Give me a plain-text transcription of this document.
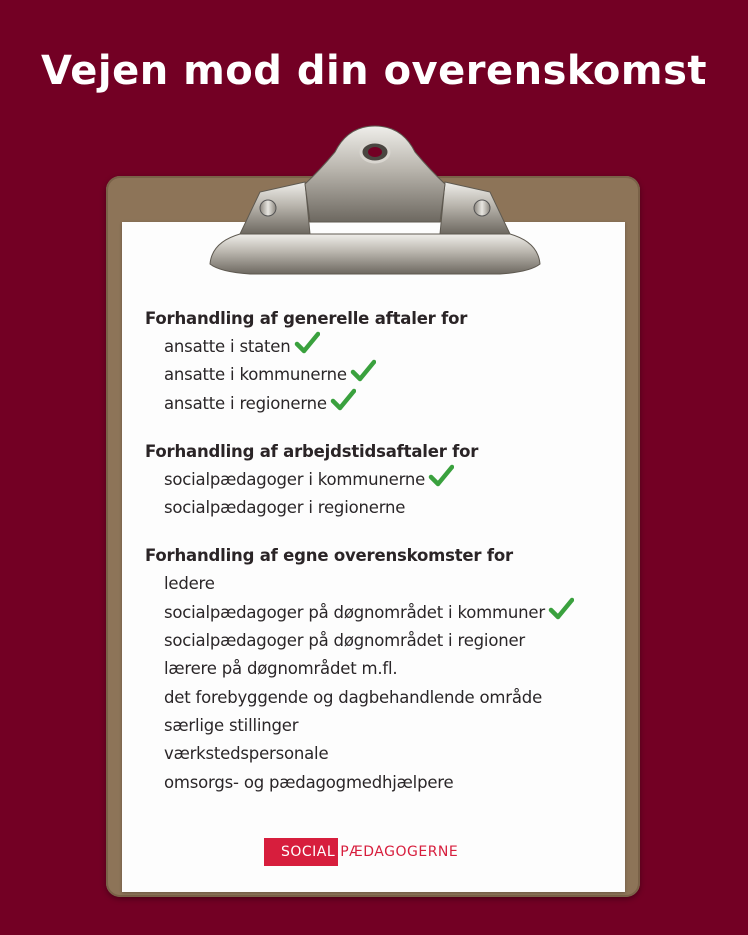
Vejen mod din overenskomst
Forhandling af generelle aftaler for
ansatte i staten
ansatte i kommunerne
ansatte i regionerne
Forhandling af arbejdstidsaftaler for
socialpædagoger i kommunerne
socialpædagoger i regionerne
Forhandling af egne overenskomster for
ledere
socialpædagoger på døgnområdet i kommuner
socialpædagoger på døgnområdet i regioner
lærere på døgnområdet m.fl.
det forebyggende og dagbehandlende område
særlige stillinger
værkstedspersonale
omsorgs- og pædagogmedhjælpere
SOCIAL PÆDAGOGERNE
